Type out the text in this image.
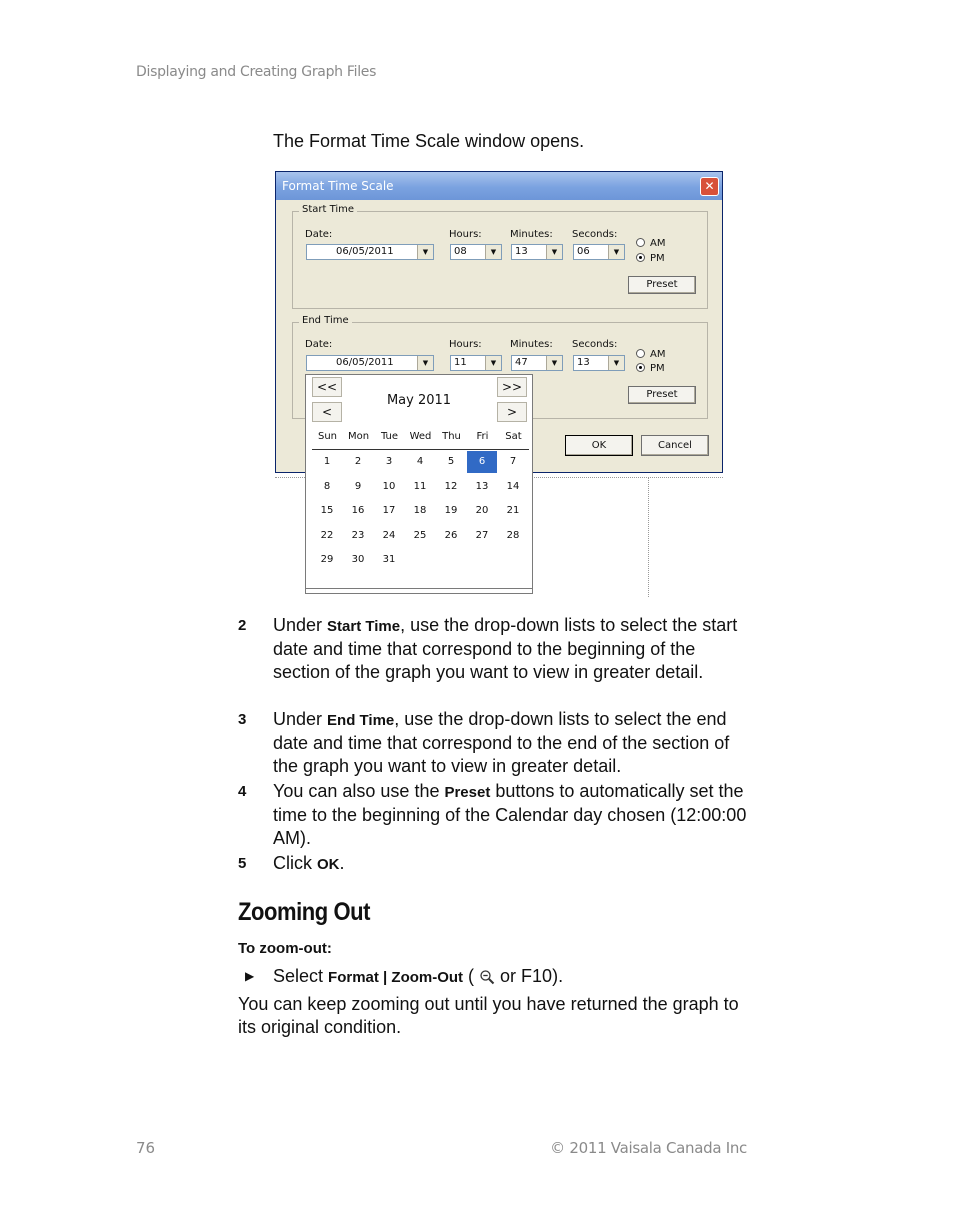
Displaying and Creating Graph Files
The Format Time Scale window opens.
Format Time Scale	✕
Start Time
Date:
06/05/2011	▼
Hours:
08	▼
Minutes:
13	▼
Seconds:
06	▼
AM
PM
Preset
End Time
Date:
06/05/2011	▼
Hours:
11	▼
Minutes:
47	▼
Seconds:
13	▼
AM
PM
Preset
OK	Cancel
<<	>>
<	>
May 2011
Sun	Mon	Tue	Wed	Thu	Fri	Sat
1	2	3	4	5	6	7
8	9	10	11	12	13	14
15	16	17	18	19	20	21
22	23	24	25	26	27	28
29	30	31
2 Under Start Time, use the drop-down lists to select the start date and time that correspond to the beginning of the section of the graph you want to view in greater detail.
3 Under End Time, use the drop-down lists to select the end date and time that correspond to the end of the section of the graph you want to view in greater detail.
4 You can also use the Preset buttons to automatically set the time to the beginning of the Calendar day chosen (12:00:00 AM).
5 Click OK.
Zooming Out
To zoom-out:
▶ Select Format | Zoom-Out (  or F10).
You can keep zooming out until you have returned the graph to its original condition.
76	© 2011 Vaisala Canada Inc
